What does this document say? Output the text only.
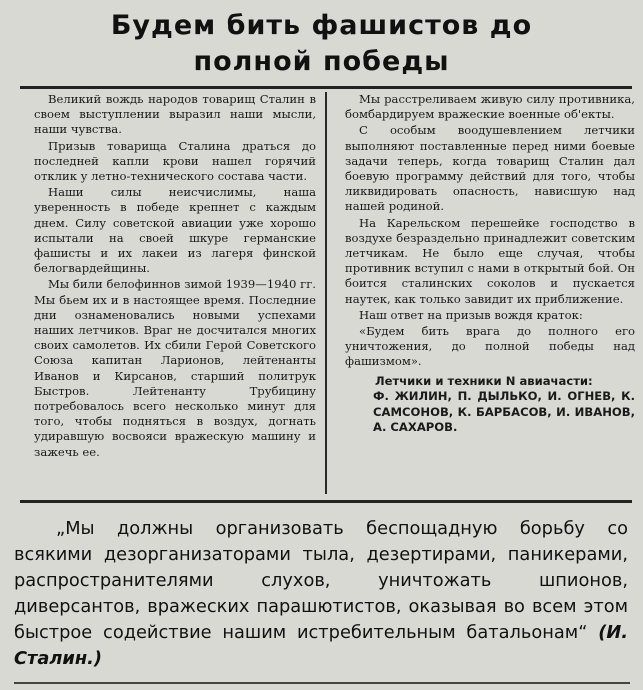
Будем бить фашистов до
полной победы

Великий вождь народов товарищ Сталин в своем выступлении выразил наши мысли, наши чувства.

Призыв товарища Сталина драться до последней капли крови нашел горячий отклик у летно-технического состава части.

Наши силы неисчислимы, наша уверенность в победе крепнет с каждым днем. Силу советской авиации уже хорошо испытали на своей шкуре германские фашисты и их лакеи из лагеря финской белогвардейщины.

Мы били белофиннов зимой 1939—1940 гг. Мы бьем их и в настоящее время. Последние дни ознаменовались новыми успехами наших летчиков. Враг не досчитался многих своих самолетов. Их сбили Герой Советского Союза капитан Ларионов, лейтенанты Иванов и Кирсанов, старший политрук Быстров. Лейтенанту Трубицину потребовалось всего несколько минут для того, чтобы подняться в воздух, догнать удиравшую восвояси вражескую машину и зажечь ее.

Мы расстреливаем живую силу противника, бомбардируем вражеские военные об'екты.

С особым воодушевлением летчики выполняют поставленные перед ними боевые задачи теперь, когда товарищ Сталин дал боевую программу действий для того, чтобы ликвидировать опасность, нависшую над нашей родиной.

На Карельском перешейке господство в воздухе безраздельно принадлежит советским летчикам. Не было еще случая, чтобы противник вступил с нами в открытый бой. Он боится сталинских соколов и пускается наутек, как только завидит их приближение.

Наш ответ на призыв вождя краток:

«Будем бить врага до полного его уничтожения, до полной победы над фашизмом».

Летчики и техники N авиачасти:
Ф. ЖИЛИН, П. ДЫЛЬКО, И. ОГНЕВ, К. САМСОНОВ, К. БАРБАСОВ, И. ИВАНОВ, А. САХАРОВ.
„Мы должны организовать беспощадную борьбу со всякими дезорганизаторами тыла, дезертирами, паникерами, распространителями слухов, уничтожать шпионов, диверсантов, вражеских парашютистов, оказывая во всем этом быстрое содействие нашим истребительным батальонам“ (И. Сталин.)
